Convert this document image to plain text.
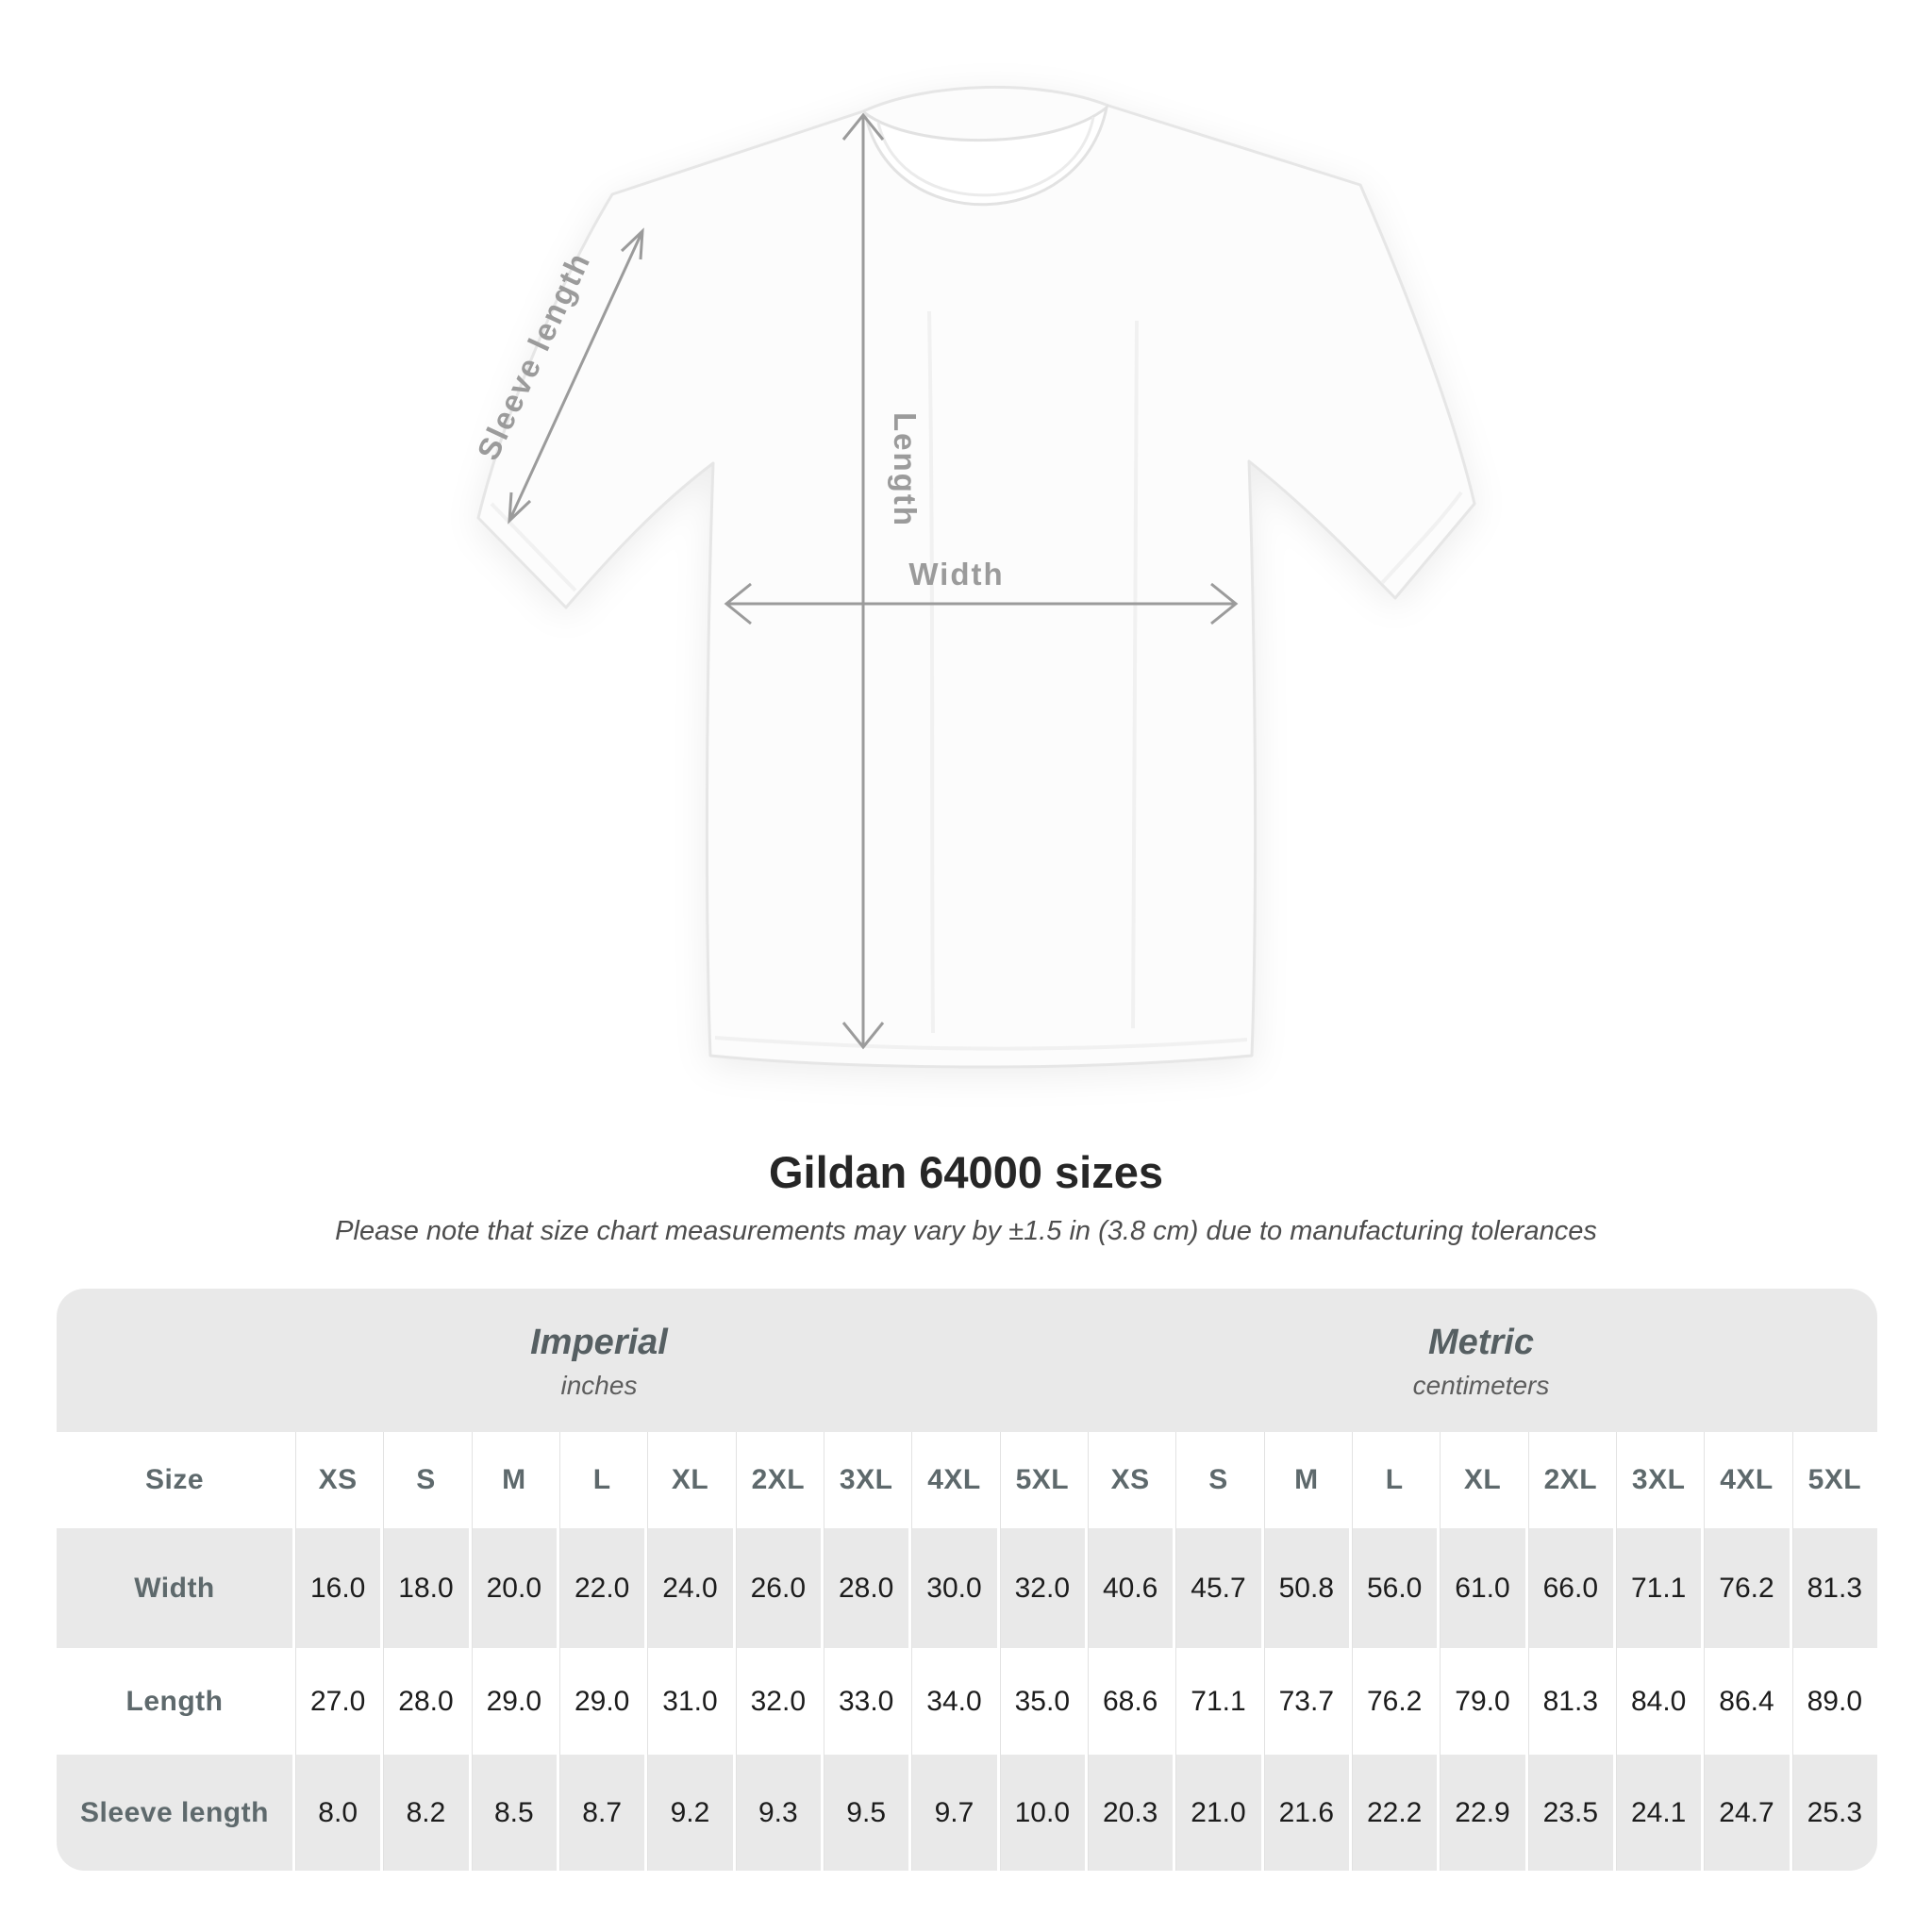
Sleeve length
Length
Width
Gildan 64000 sizes
Please note that size chart measurements may vary by ±1.5 in (3.8 cm) due to manufacturing tolerances
Imperial
inches
Metric
centimeters
Size	XS	S	M	L	XL	2XL	3XL	4XL	5XL	XS	S	M	L	XL	2XL	3XL	4XL	5XL
Width	16.0	18.0	20.0	22.0	24.0	26.0	28.0	30.0	32.0	40.6	45.7	50.8	56.0	61.0	66.0	71.1	76.2	81.3
Length	27.0	28.0	29.0	29.0	31.0	32.0	33.0	34.0	35.0	68.6	71.1	73.7	76.2	79.0	81.3	84.0	86.4	89.0
Sleeve length	8.0	8.2	8.5	8.7	9.2	9.3	9.5	9.7	10.0	20.3	21.0	21.6	22.2	22.9	23.5	24.1	24.7	25.3
